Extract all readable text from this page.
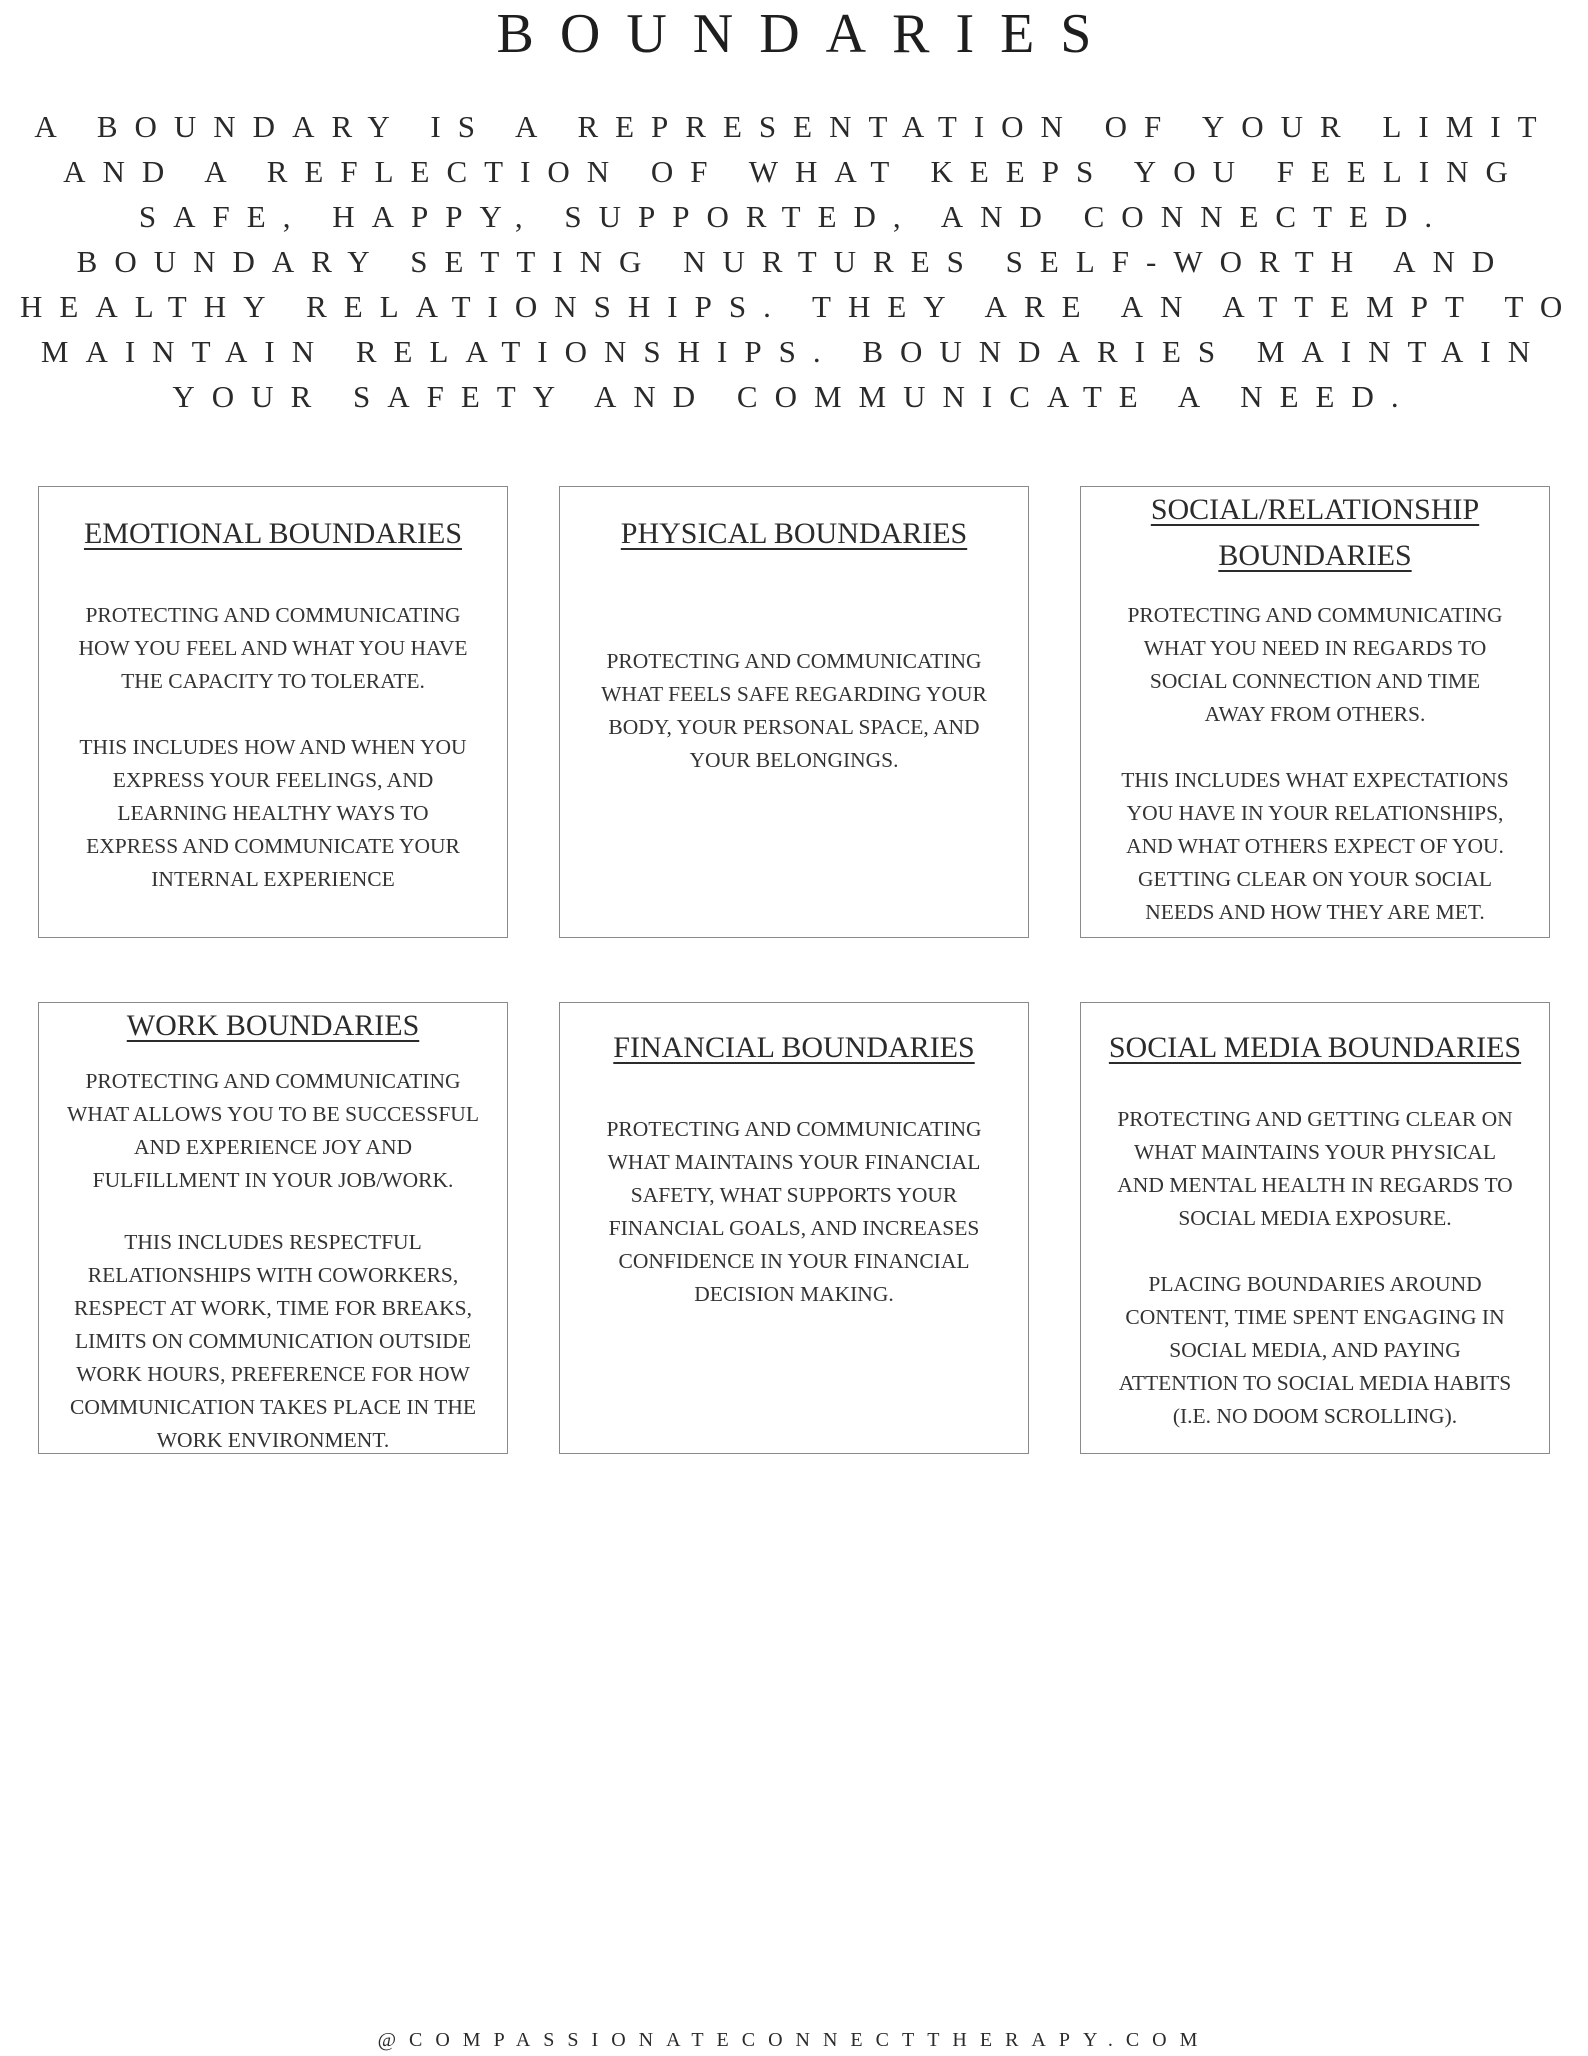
BOUNDARIES
A BOUNDARY IS A REPRESENTATION OF YOUR LIMIT
AND A REFLECTION OF WHAT KEEPS YOU FEELING
SAFE, HAPPY, SUPPORTED, AND CONNECTED.
BOUNDARY SETTING NURTURES SELF-WORTH AND
HEALTHY RELATIONSHIPS. THEY ARE AN ATTEMPT TO
MAINTAIN RELATIONSHIPS. BOUNDARIES MAINTAIN
YOUR SAFETY AND COMMUNICATE A NEED.
EMOTIONAL BOUNDARIES

PROTECTING AND COMMUNICATING
HOW YOU FEEL AND WHAT YOU HAVE
THE CAPACITY TO TOLERATE.

THIS INCLUDES HOW AND WHEN YOU
EXPRESS YOUR FEELINGS, AND
LEARNING HEALTHY WAYS TO
EXPRESS AND COMMUNICATE YOUR
INTERNAL EXPERIENCE

PHYSICAL BOUNDARIES

PROTECTING AND COMMUNICATING
WHAT FEELS SAFE REGARDING YOUR
BODY, YOUR PERSONAL SPACE, AND
YOUR BELONGINGS.

SOCIAL/RELATIONSHIP
BOUNDARIES

PROTECTING AND COMMUNICATING
WHAT YOU NEED IN REGARDS TO
SOCIAL CONNECTION AND TIME
AWAY FROM OTHERS.

THIS INCLUDES WHAT EXPECTATIONS
YOU HAVE IN YOUR RELATIONSHIPS,
AND WHAT OTHERS EXPECT OF YOU.
GETTING CLEAR ON YOUR SOCIAL
NEEDS AND HOW THEY ARE MET.

WORK BOUNDARIES

PROTECTING AND COMMUNICATING
WHAT ALLOWS YOU TO BE SUCCESSFUL
AND EXPERIENCE JOY AND
FULFILLMENT IN YOUR JOB/WORK.

THIS INCLUDES RESPECTFUL
RELATIONSHIPS WITH COWORKERS,
RESPECT AT WORK, TIME FOR BREAKS,
LIMITS ON COMMUNICATION OUTSIDE
WORK HOURS, PREFERENCE FOR HOW
COMMUNICATION TAKES PLACE IN THE
WORK ENVIRONMENT.

FINANCIAL BOUNDARIES

PROTECTING AND COMMUNICATING
WHAT MAINTAINS YOUR FINANCIAL
SAFETY, WHAT SUPPORTS YOUR
FINANCIAL GOALS, AND INCREASES
CONFIDENCE IN YOUR FINANCIAL
DECISION MAKING.

SOCIAL MEDIA BOUNDARIES

PROTECTING AND GETTING CLEAR ON
WHAT MAINTAINS YOUR PHYSICAL
AND MENTAL HEALTH IN REGARDS TO
SOCIAL MEDIA EXPOSURE.

PLACING BOUNDARIES AROUND
CONTENT, TIME SPENT ENGAGING IN
SOCIAL MEDIA, AND PAYING
ATTENTION TO SOCIAL MEDIA HABITS
(I.E. NO DOOM SCROLLING).

@COMPASSIONATECONNECTTHERAPY.COM
